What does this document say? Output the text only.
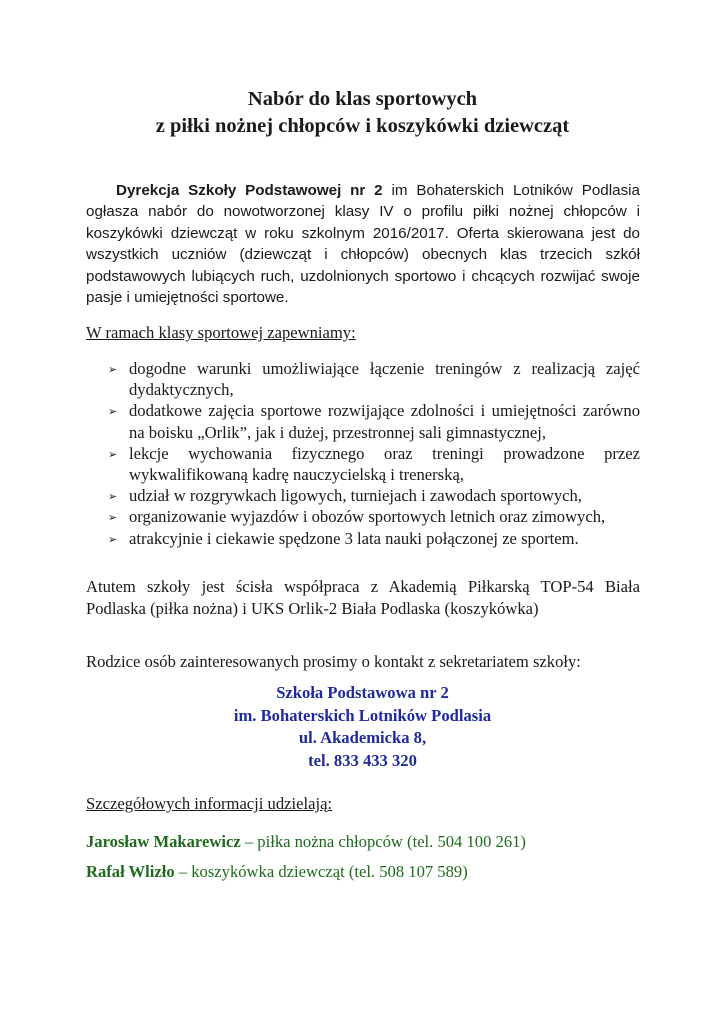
Nabór do klas sportowych
z piłki nożnej chłopców i koszykówki dziewcząt

Dyrekcja Szkoły Podstawowej nr 2 im Bohaterskich Lotników Podlasia ogłasza nabór do nowotworzonej klasy IV o profilu piłki nożnej chłopców i koszykówki dziewcząt w roku szkolnym 2016/2017. Oferta skierowana jest do wszystkich uczniów (dziewcząt i chłopców) obecnych klas trzecich szkół podstawowych lubiących ruch, uzdolnionych sportowo i chcących rozwijać swoje pasje i umiejętności sportowe.

W ramach klasy sportowej zapewniamy:

➢ dogodne warunki umożliwiające łączenie treningów z realizacją zajęć dydaktycznych,
➢ dodatkowe zajęcia sportowe rozwijające zdolności i umiejętności zarówno na boisku „Orlik”, jak i dużej, przestronnej sali gimnastycznej,
➢ lekcje wychowania fizycznego oraz treningi prowadzone przez wykwalifikowaną kadrę nauczycielską i trenerską,
➢ udział w rozgrywkach ligowych, turniejach i zawodach sportowych,
➢ organizowanie wyjazdów i obozów sportowych letnich oraz zimowych,
➢ atrakcyjnie i ciekawie spędzone 3 lata nauki połączonej ze sportem.

Atutem szkoły jest ścisła współpraca z Akademią Piłkarską TOP-54 Biała Podlaska (piłka nożna) i UKS Orlik-2 Biała Podlaska (koszykówka)

Rodzice osób zainteresowanych prosimy o kontakt z sekretariatem szkoły:

Szkoła Podstawowa nr 2
im. Bohaterskich Lotników Podlasia
ul. Akademicka 8,
tel. 833 433 320

Szczegółowych informacji udzielają:

Jarosław Makarewicz – piłka nożna chłopców (tel. 504 100 261)

Rafał Wlizło – koszykówka dziewcząt (tel. 508 107 589)
